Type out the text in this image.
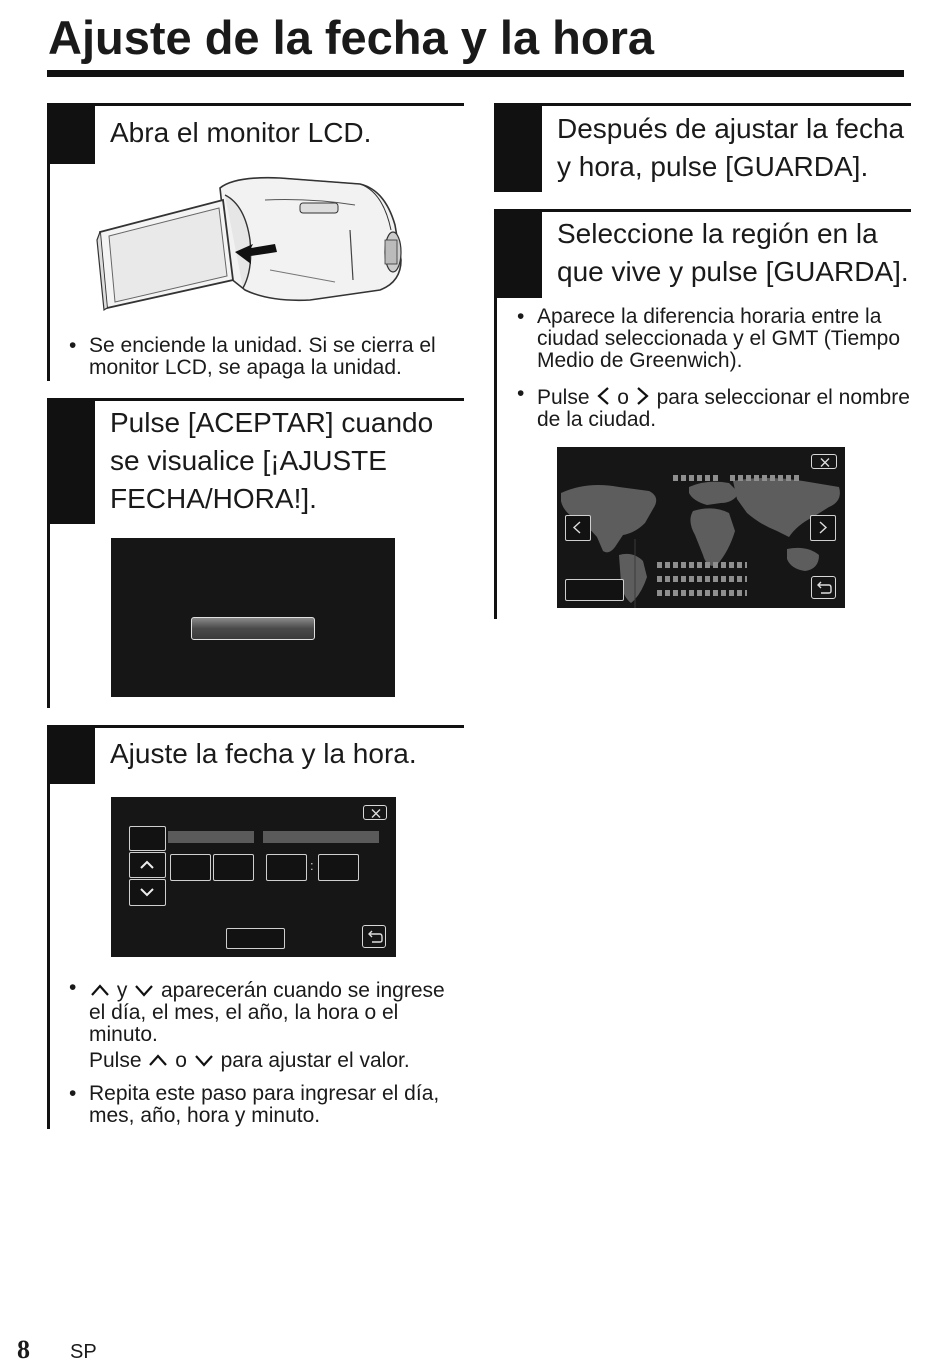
Ajuste de la fecha y la hora

Abra el monitor LCD.

• Se enciende la unidad. Si se cierra el monitor LCD, se apaga la unidad.

Pulse [ACEPTAR] cuando se visualice [¡AJUSTE FECHA/HORA!].

Ajuste la fecha y la hora.

:
• y  aparecerán cuando se ingrese el día, el mes, el año, la hora o el minuto.
Pulse  o  para ajustar el valor.
• Repita este paso para ingresar el día, mes, año, hora y minuto.

Después de ajustar la fecha y hora, pulse [GUARDA].

Seleccione la región en la que vive y pulse [GUARDA].

• Aparece la diferencia horaria entre la ciudad seleccionada y el GMT (Tiempo Medio de Greenwich).
• Pulse  o  para seleccionar el nombre de la ciudad.
8 SP
